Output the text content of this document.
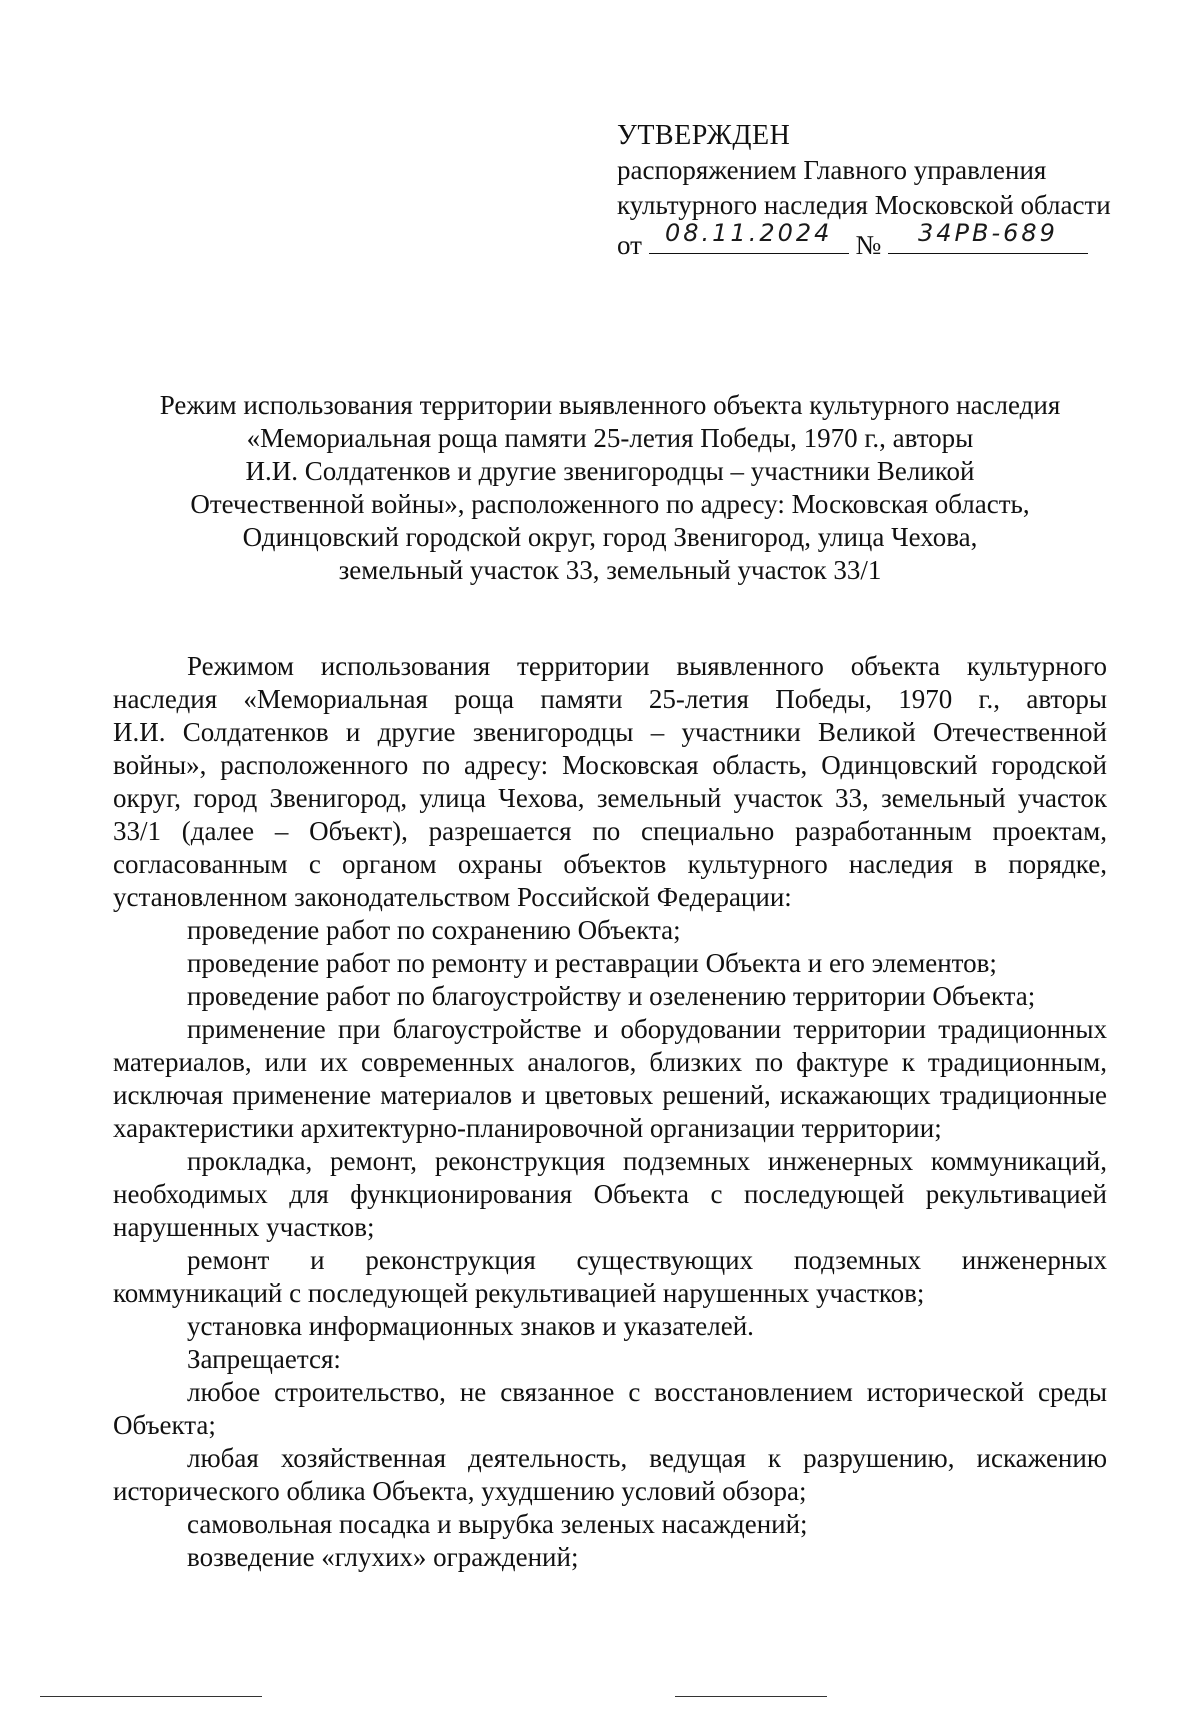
УТВЕРЖДЕН
распоряжением Главного управления
культурного наследия Московской области
от 08.11.2024 №	34РВ-689
Режим использования территории выявленного объекта культурного наследия
«Мемориальная роща памяти 25-летия Победы, 1970 г., авторы
И.И. Солдатенков и другие звенигородцы – участники Великой
Отечественной войны», расположенного по адресу: Московская область,
Одинцовский городской округ, город Звенигород, улица Чехова,
земельный участок 33, земельный участок 33/1
Режимом использования территории выявленного объекта культурного
наследия «Мемориальная роща памяти 25-летия Победы, 1970 г., авторы
И.И. Солдатенков и другие звенигородцы – участники Великой Отечественной
войны», расположенного по адресу: Московская область, Одинцовский городской
округ, город Звенигород, улица Чехова, земельный участок 33, земельный участок
33/1 (далее – Объект), разрешается по специально разработанным проектам,
согласованным с органом охраны объектов культурного наследия в порядке,
установленном законодательством Российской Федерации:
проведение работ по сохранению Объекта;
проведение работ по ремонту и реставрации Объекта и его элементов;
проведение работ по благоустройству и озеленению территории Объекта;
применение при благоустройстве и оборудовании территории традиционных
материалов, или их современных аналогов, близких по фактуре к традиционным,
исключая применение материалов и цветовых решений, искажающих традиционные
характеристики архитектурно-планировочной организации территории;
прокладка, ремонт, реконструкция подземных инженерных коммуникаций,
необходимых для функционирования Объекта с последующей рекультивацией
нарушенных участков;
ремонт и реконструкция существующих подземных инженерных
коммуникаций с последующей рекультивацией нарушенных участков;
установка информационных знаков и указателей.
Запрещается:
любое строительство, не связанное с восстановлением исторической среды
Объекта;
любая хозяйственная деятельность, ведущая к разрушению, искажению
исторического облика Объекта, ухудшению условий обзора;
самовольная посадка и вырубка зеленых насаждений;
возведение «глухих» ограждений;
